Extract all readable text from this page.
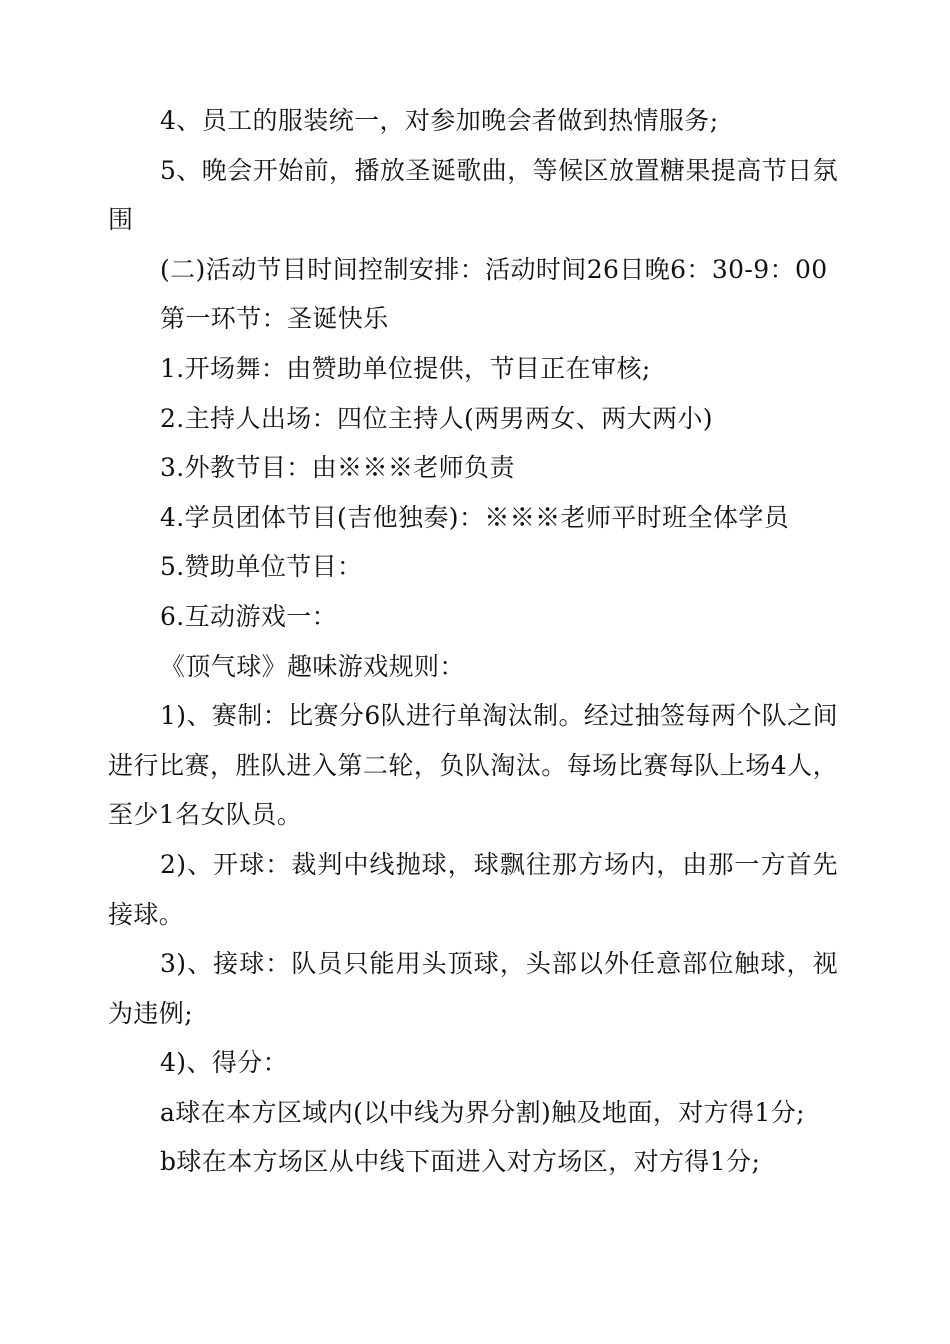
4、员工的服装统一，对参加晚会者做到热情服务;

5、晚会开始前，播放圣诞歌曲，等候区放置糖果提高节日氛围

(二)活动节目时间控制安排：活动时间26日晚6：30-9：00

第一环节：圣诞快乐

1.开场舞：由赞助单位提供，节目正在审核;

2.主持人出场：四位主持人(两男两女、两大两小)

3.外教节目：由※※※老师负责

4.学员团体节目(吉他独奏)：※※※老师平时班全体学员

5.赞助单位节目：

6.互动游戏一：

《顶气球》趣味游戏规则：

1)、赛制：比赛分6队进行单淘汰制。经过抽签每两个队之间进行比赛，胜队进入第二轮，负队淘汰。每场比赛每队上场4人，至少1名女队员。

2)、开球：裁判中线抛球，球飘往那方场内，由那一方首先接球。

3)、接球：队员只能用头顶球，头部以外任意部位触球，视为违例;

4)、得分：

a球在本方区域内(以中线为界分割)触及地面，对方得1分;

b球在本方场区从中线下面进入对方场区，对方得1分;
